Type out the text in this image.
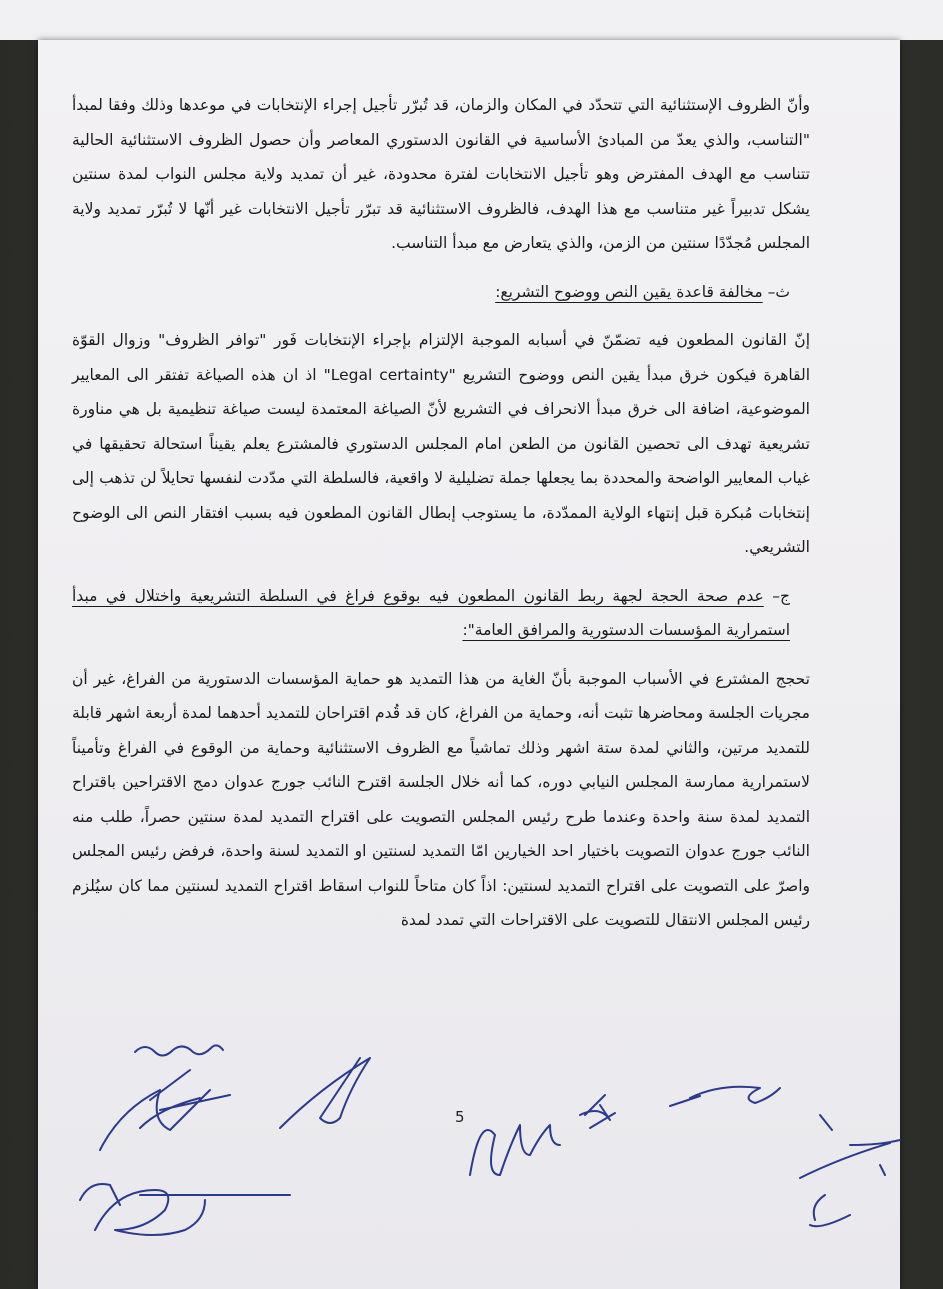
وأنّ الظروف الإستثنائية التي تتحدّد في المكان والزمان، قد تُبرّر تأجيل إجراء الإنتخابات في موعدها وذلك وفقا لمبدأ "التناسب، والذي يعدّ من المبادئ الأساسية في القانون الدستوري المعاصر وأن حصول الظروف الاستثنائية الحالية تتناسب مع الهدف المفترض وهو تأجيل الانتخابات لفترة محدودة، غير أن تمديد ولاية مجلس النواب لمدة سنتين يشكل تدبيراً غير متناسب مع هذا الهدف، فالظروف الاستثنائية قد تبرّر تأجيل الانتخابات غير أنّها لا تُبرّر تمديد ولاية المجلس مُجدّدًا سنتين من الزمن، والذي يتعارض مع مبدأ التناسب.

ث– مخالفة قاعدة يقين النص ووضوح التشريع:

إنّ القانون المطعون فيه تضمّنّ في أسبابه الموجبة الإلتزام بإجراء الإنتخابات فَور "توافر الظروف" وزوال القوّة القاهرة فيكون خرق مبدأ يقين النص ووضوح التشريع "Legal certainty" اذ ان هذه الصياغة تفتقر الى المعايير الموضوعية، اضافة الى خرق مبدأ الانحراف في التشريع لأنّ الصياغة المعتمدة ليست صياغة تنظيمية بل هي مناورة تشريعية تهدف الى تحصين القانون من الطعن امام المجلس الدستوري فالمشترع يعلم يقيناً استحالة تحقيقها في غياب المعايير الواضحة والمحددة بما يجعلها جملة تضليلية لا واقعية، فالسلطة التي مدّدت لنفسها تحايلاً لن تذهب إلى إنتخابات مُبكرة قبل إنتهاء الولاية الممدّدة، ما يستوجب إبطال القانون المطعون فيه بسبب افتقار النص الى الوضوح التشريعي.

ج– عدم صحة الحجة لجهة ربط القانون المطعون فيه بوقوع فراغ في السلطة التشريعية واختلال في مبدأ استمرارية المؤسسات الدستورية والمرافق العامة":

تحجج المشترع في الأسباب الموجبة بأنّ الغاية من هذا التمديد هو حماية المؤسسات الدستورية من الفراغ، غير أن مجريات الجلسة ومحاضرها تثبت أنه، وحماية من الفراغ، كان قد قُدم اقتراحان للتمديد أحدهما لمدة أربعة اشهر قابلة للتمديد مرتين، والثاني لمدة ستة اشهر وذلك تماشياً مع الظروف الاستثنائية وحماية من الوقوع في الفراغ وتأميناً لاستمرارية ممارسة المجلس النيابي دوره، كما أنه خلال الجلسة اقترح النائب جورج عدوان دمج الاقتراحين باقتراح التمديد لمدة سنة واحدة وعندما طرح رئيس المجلس التصويت على اقتراح التمديد لمدة سنتين حصراً، طلب منه النائب جورج عدوان التصويت باختيار احد الخيارين امّا التمديد لسنتين او التمديد لسنة واحدة، فرفض رئيس المجلس واصرّ على التصويت على اقتراح التمديد لسنتين: اذاً كان متاحاً للنواب اسقاط اقتراح التمديد لسنتين مما كان سيُلزم رئيس المجلس الانتقال للتصويت على الاقتراحات التي تمدد لمدة

5
